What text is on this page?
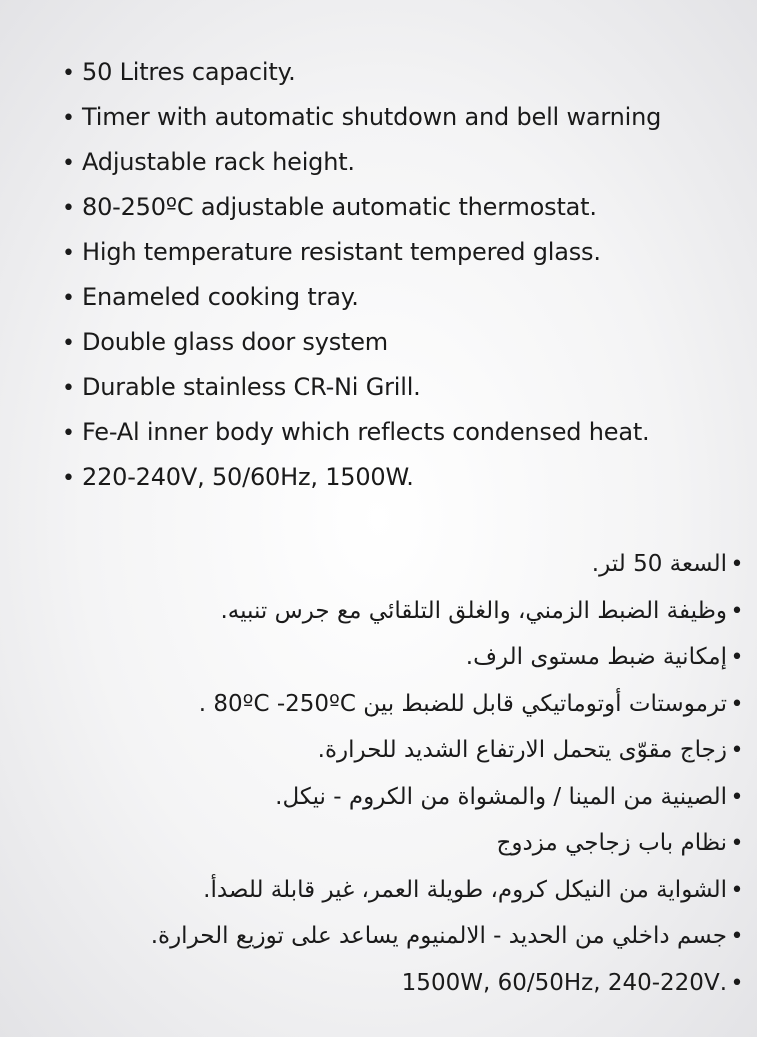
• 50 Litres capacity.
• Timer with automatic shutdown and bell warning
• Adjustable rack height.
• 80-250ºC adjustable automatic thermostat.
• High temperature resistant tempered glass.
• Enameled cooking tray.
• Double glass door system
• Durable stainless CR-Ni Grill.
• Fe-Al inner body which reflects condensed heat.
• 220-240V, 50/60Hz, 1500W.
•السعة 50 لتر.
•وظيفة الضبط الزمني، والغلق التلقائي مع جرس تنبيه.
•إمكانية ضبط مستوى الرف.
•ترموستات أوتوماتيكي قابل للضبط بين 80ºC -250ºC .
•زجاج مقوّى يتحمل الارتفاع الشديد للحرارة.
•الصينية من المينا / والمشواة من الكروم - نيكل.
•نظام باب زجاجي مزدوج
•الشواية من النيكل كروم، طويلة العمر، غير قابلة للصدأ.
•جسم داخلي من الحديد - الالمنيوم يساعد على توزيع الحرارة.
•.1500W, 60/50Hz, 240-220V
